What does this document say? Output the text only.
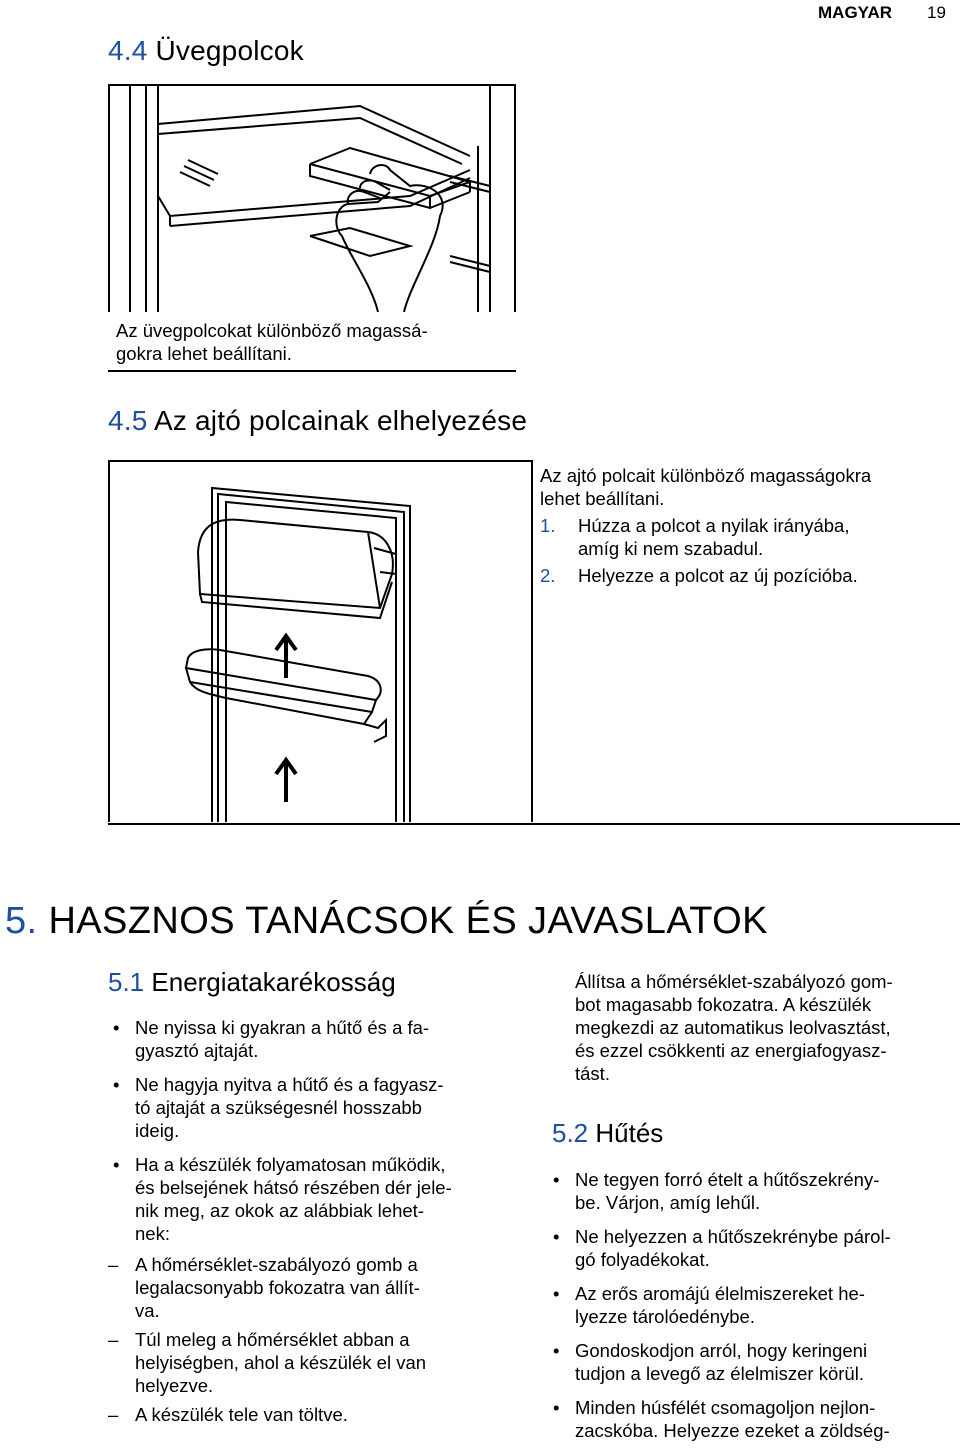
MAGYAR 19
4.4 Üvegpolcok
Az üvegpolcokat különböző magassá-
gokra lehet beállítani.
4.5 Az ajtó polcainak elhelyezése
Az ajtó polcait különböző magasságokra
lehet beállítani.
1. Húzza a polcot a nyilak irányába,
amíg ki nem szabadul.
2. Helyezze a polcot az új pozícióba.
5. HASZNOS TANÁCSOK ÉS JAVASLATOK
5.1 Energiatakarékosság
• Ne nyissa ki gyakran a hűtő és a fa-
gyasztó ajtaját.
• Ne hagyja nyitva a hűtő és a fagyasz-
tó ajtaját a szükségesnél hosszabb
ideig.
• Ha a készülék folyamatosan működik,
és belsejének hátsó részében dér jele-
nik meg, az okok az alábbiak lehet-
nek:
– A hőmérséklet-szabályozó gomb a
legalacsonyabb fokozatra van állít-
va.
– Túl meleg a hőmérséklet abban a
helyiségben, ahol a készülék el van
helyezve.
– A készülék tele van töltve.
Állítsa a hőmérséklet-szabályozó gom-
bot magasabb fokozatra. A készülék
megkezdi az automatikus leolvasztást,
és ezzel csökkenti az energiafogyasz-
tást.
5.2 Hűtés
• Ne tegyen forró ételt a hűtőszekrény-
be. Várjon, amíg lehűl.
• Ne helyezzen a hűtőszekrénybe párol-
gó folyadékokat.
• Az erős aromájú élelmiszereket he-
lyezze tárolóedénybe.
• Gondoskodjon arról, hogy keringeni
tudjon a levegő az élelmiszer körül.
• Minden húsfélét csomagoljon nejlon-
zacskóba. Helyezze ezeket a zöldség-
